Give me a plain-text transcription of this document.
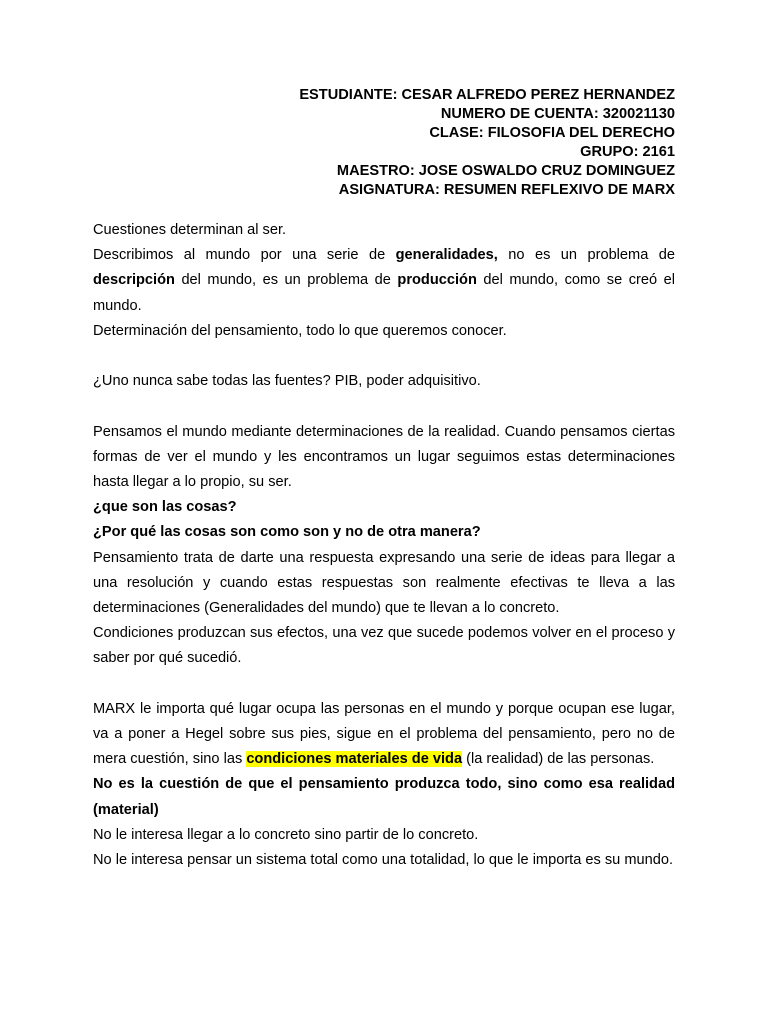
ESTUDIANTE: CESAR ALFREDO PEREZ HERNANDEZ
NUMERO DE CUENTA: 320021130
CLASE: FILOSOFIA DEL DERECHO
GRUPO: 2161
MAESTRO: JOSE OSWALDO CRUZ DOMINGUEZ
ASIGNATURA: RESUMEN REFLEXIVO DE MARX

Cuestiones determinan al ser.

Describimos al mundo por una serie de generalidades, no es un problema de descripción del mundo, es un problema de producción del mundo, como se creó el mundo.

Determinación del pensamiento, todo lo que queremos conocer.

¿Uno nunca sabe todas las fuentes? PIB, poder adquisitivo.

Pensamos el mundo mediante determinaciones de la realidad. Cuando pensamos ciertas formas de ver el mundo y les encontramos un lugar seguimos estas determinaciones hasta llegar a lo propio, su ser.

¿que son las cosas?

¿Por qué las cosas son como son y no de otra manera?

Pensamiento trata de darte una respuesta expresando una serie de ideas para llegar a una resolución y cuando estas respuestas son realmente efectivas te lleva a las determinaciones (Generalidades del mundo) que te llevan a lo concreto.

Condiciones produzcan sus efectos, una vez que sucede podemos volver en el proceso y saber por qué sucedió.

MARX le importa qué lugar ocupa las personas en el mundo y porque ocupan ese lugar, va a poner a Hegel sobre sus pies, sigue en el problema del pensamiento, pero no de mera cuestión, sino las condiciones materiales de vida (la realidad) de las personas.

No es la cuestión de que el pensamiento produzca todo, sino como esa realidad (material)

No le interesa llegar a lo concreto sino partir de lo concreto.

No le interesa pensar un sistema total como una totalidad, lo que le importa es su mundo.
